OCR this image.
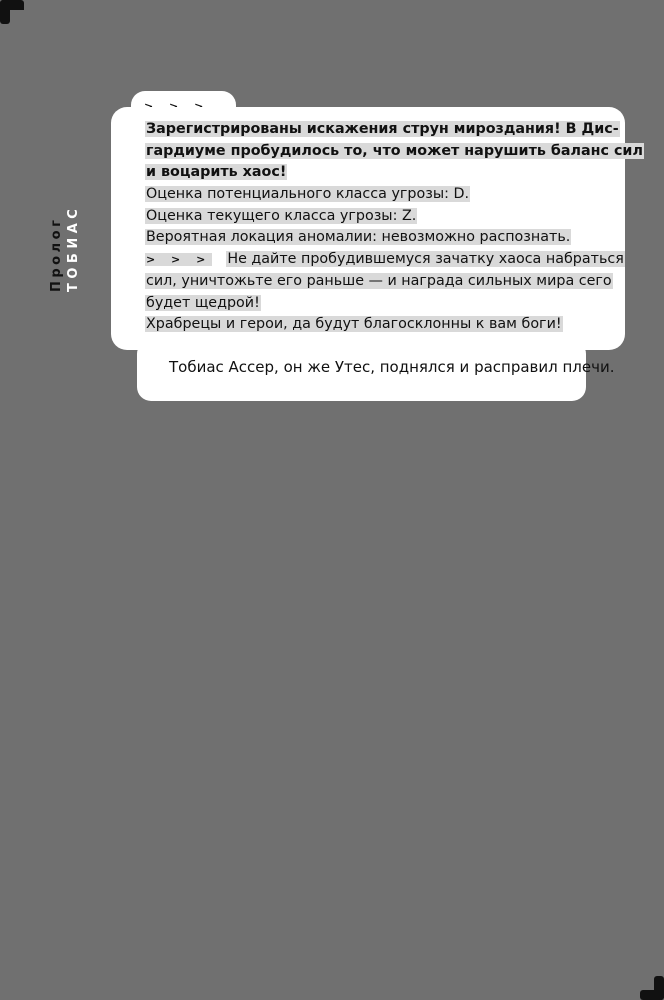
Пролог ТОБИАС
Тобиас Ассер, он же Утес, поднялся и расправил плечи.
Зарегистрированы искажения струн мироздания! В Дис-
гардиуме пробудилось то, что может нарушить баланс сил
и воцарить хаос!
Оценка потенциального класса угрозы: D.
Оценка текущего класса угрозы: Z.
Вероятная локация аномалии: невозможно распознать.
> > > Не дайте пробудившемуся зачатку хаоса набраться
сил, уничтожьте его раньше — и награда сильных мира сего
будет щедрой!
Храбрецы и герои, да будут благосклонны к вам боги!
